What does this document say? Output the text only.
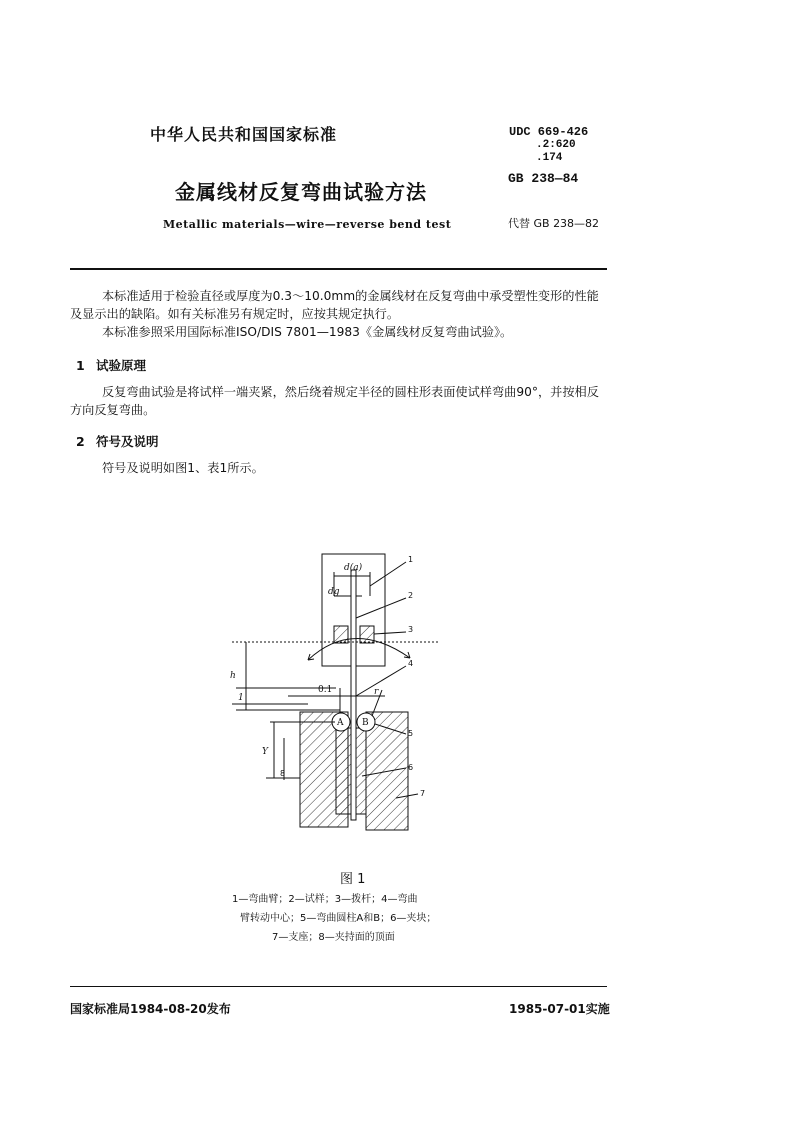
中华人民共和国国家标准
金属线材反复弯曲试验方法
Metallic materials—wire—reverse bend test
UDC 669-426
.2:620
.174
GB 238—84
代替 GB 238—82
本标准适用于检验直径或厚度为0.3～10.0mm的金属线材在反复弯曲中承受塑性变形的性能及显示出的缺陷。如有关标准另有规定时，应按其规定执行。
本标准参照采用国际标准ISO/DIS 7801—1983《金属线材反复弯曲试验》。
1 试验原理
反复弯曲试验是将试样一端夹紧，然后绕着规定半径的圆柱形表面使试样弯曲90°，并按相反方向反复弯曲。
2 符号及说明
符号及说明如图1、表1所示。
d(a)
dg
h
1
0.1	r
A B
Y
1
2
3
4
5
6
7
8
图 1
1—弯曲臂；2—试样；3—拨杆；4—弯曲
臂转动中心；5—弯曲圆柱A和B；6—夹块；
7—支座；8—夹持面的顶面
国家标准局1984-08-20发布	1985-07-01实施
